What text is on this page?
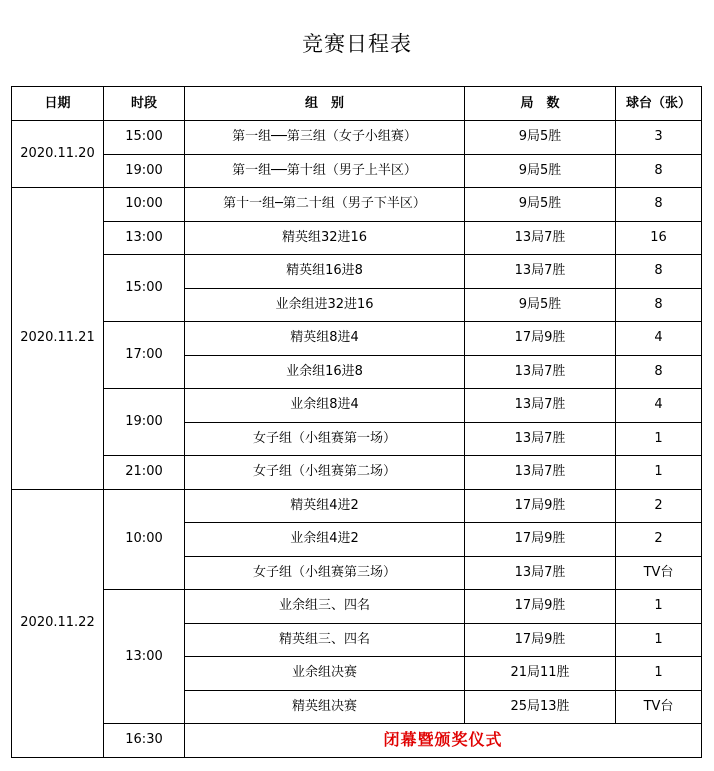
竞赛日程表
日期	时段	组　别	局　数	球台（张）
2020.11.20	15:00	第一组──第三组（女子小组赛）	9局5胜	3
	19:00	第一组──第十组（男子上半区）	9局5胜	8
2020.11.21	10:00	第十一组─第二十组（男子下半区）	9局5胜	8
	13:00	精英组32进16	13局7胜	16
	15:00	精英组16进8	13局7胜	8
		业余组进32进16	9局5胜	8
	17:00	精英组8进4	17局9胜	4
		业余组16进8	13局7胜	8
	19:00	业余组8进4	13局7胜	4
		女子组（小组赛第一场）	13局7胜	1
	21:00	女子组（小组赛第二场）	13局7胜	1
2020.11.22	10:00	精英组4进2	17局9胜	2
		业余组4进2	17局9胜	2
		女子组（小组赛第三场）	13局7胜	TV台
	13:00	业余组三、四名	17局9胜	1
		精英组三、四名	17局9胜	1
		业余组决赛	21局11胜	1
		精英组决赛	25局13胜	TV台
	16:30	闭幕暨颁奖仪式		
